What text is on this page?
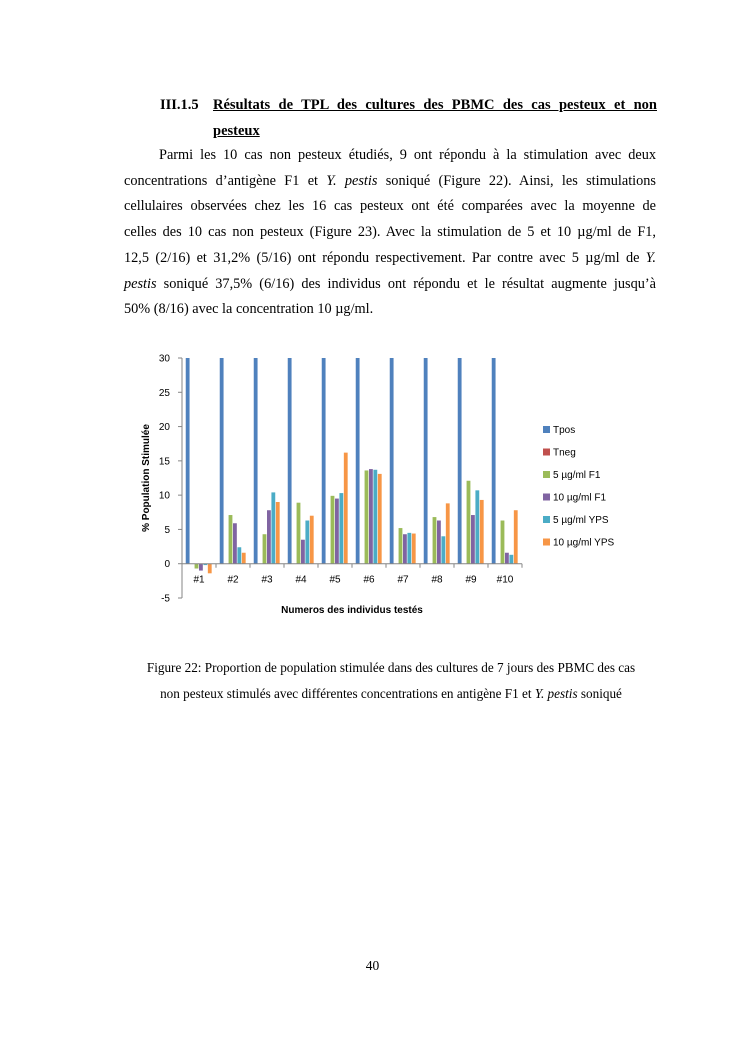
III.1.5 Résultats de TPL des cultures des PBMC des cas pesteux et non
pesteux
Parmi les 10 cas non pesteux étudiés, 9 ont répondu à la stimulation avec deux
concentrations d’antigène F1 et Y. pestis soniqué (Figure 22). Ainsi, les stimulations
cellulaires observées chez les 16 cas pesteux ont été comparées avec la moyenne de
celles des 10 cas non pesteux (Figure 23). Avec la stimulation de 5 et 10 µg/ml de F1,
12,5 (2/16) et 31,2% (5/16) ont répondu respectivement. Par contre avec 5 µg/ml de Y.
pestis soniqué 37,5% (6/16) des individus ont répondu et le résultat augmente jusqu’à
50% (8/16) avec la concentration 10 µg/ml.
-5
0
5
10
15
20
25
30
#1 #2 #3 #4 #5 #6 #7 #8 #9 #10
Tpos
Tneg
5 µg/ml F1
10 µg/ml F1
5 µg/ml YPS
10 µg/ml YPS
% Population Stimulée
Numeros des individus testés
Figure 22: Proportion de population stimulée dans des cultures de 7 jours des PBMC des cas
non pesteux stimulés avec différentes concentrations en antigène F1 et Y. pestis soniqué
40
